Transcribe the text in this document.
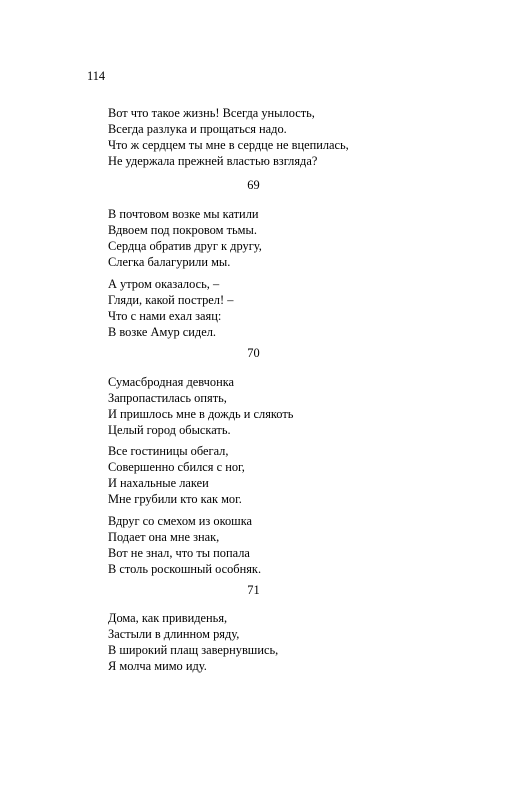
114
Вот что такое жизнь! Всегда унылость,
Всегда разлука и прощаться надо.
Что ж сердцем ты мне в сердце не вцепилась,
Не удержала прежней властью взгляда?
69
В почтовом возке мы катили
Вдвоем под покровом тьмы.
Сердца обратив друг к другу,
Слегка балагурили мы.
А утром оказалось, –
Гляди, какой пострел! –
Что с нами ехал заяц:
В возке Амур сидел.
70
Сумасбродная девчонка
Запропастилась опять,
И пришлось мне в дождь и слякоть
Целый город обыскать.
Все гостиницы обегал,
Совершенно сбился с ног,
И нахальные лакеи
Мне грубили кто как мог.
Вдруг со смехом из окошка
Подает она мне знак,
Вот не знал, что ты попала
В столь роскошный особняк.
71
Дома, как привиденья,
Застыли в длинном ряду,
В широкий плащ завернувшись,
Я молча мимо иду.
